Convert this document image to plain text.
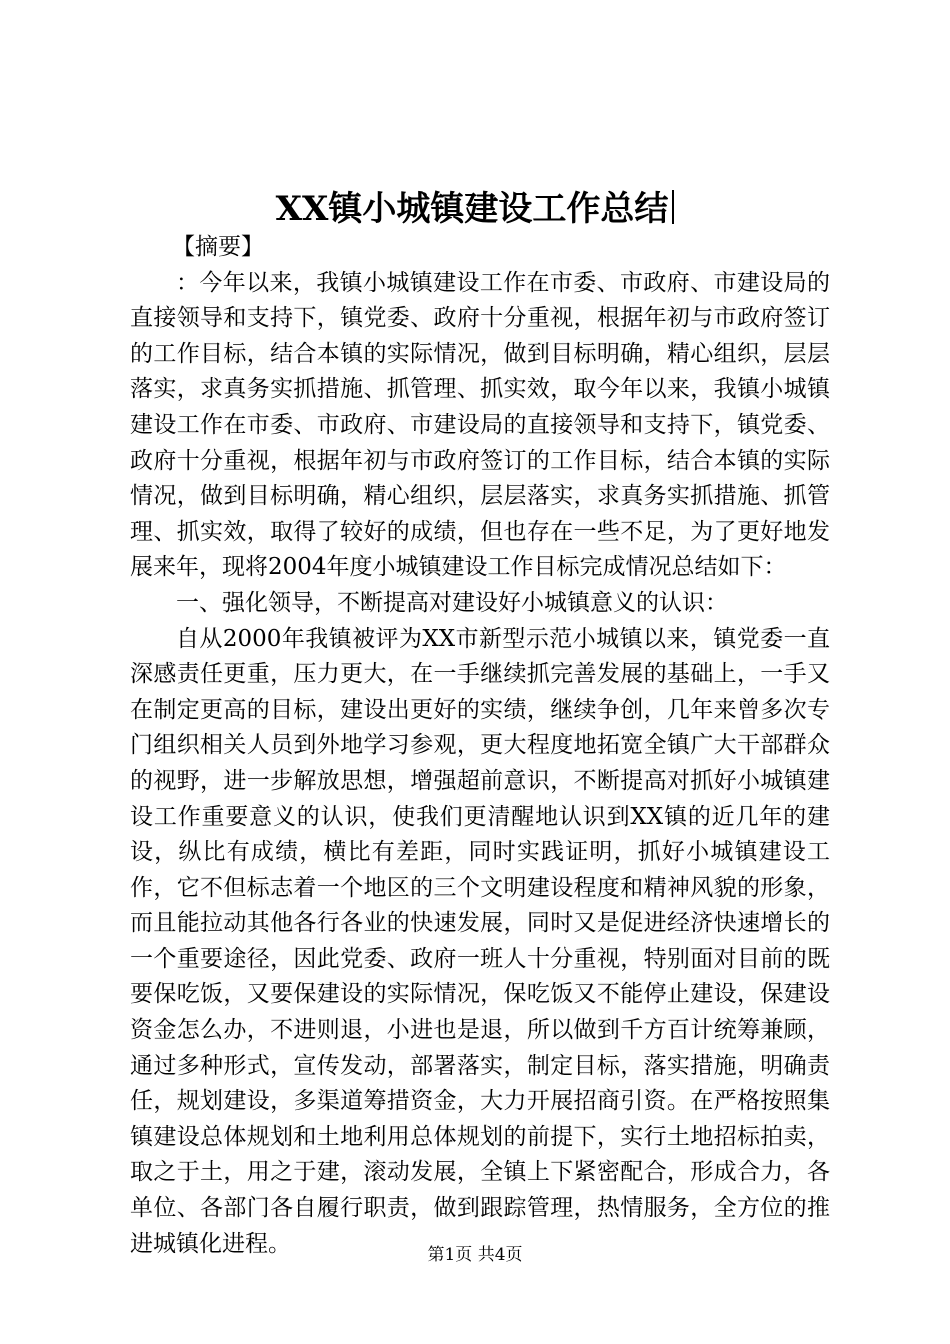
XX镇小城镇建设工作总结

【摘要】

：今年以来，我镇小城镇建设工作在市委、市政府、市建设局的直接领导和支持下，镇党委、政府十分重视，根据年初与市政府签订的工作目标，结合本镇的实际情况，做到目标明确，精心组织，层层落实，求真务实抓措施、抓管理、抓实效，取今年以来，我镇小城镇建设工作在市委、市政府、市建设局的直接领导和支持下，镇党委、政府十分重视，根据年初与市政府签订的工作目标，结合本镇的实际情况，做到目标明确，精心组织，层层落实，求真务实抓措施、抓管理、抓实效，取得了较好的成绩，但也存在一些不足，为了更好地发展来年，现将2004年度小城镇建设工作目标完成情况总结如下：

一、强化领导，不断提高对建设好小城镇意义的认识：

自从2000年我镇被评为XX市新型示范小城镇以来，镇党委一直深感责任更重，压力更大，在一手继续抓完善发展的基础上，一手又在制定更高的目标，建设出更好的实绩，继续争创，几年来曾多次专门组织相关人员到外地学习参观，更大程度地拓宽全镇广大干部群众的视野，进一步解放思想，增强超前意识，不断提高对抓好小城镇建设工作重要意义的认识，使我们更清醒地认识到XX镇的近几年的建设，纵比有成绩，横比有差距，同时实践证明，抓好小城镇建设工作，它不但标志着一个地区的三个文明建设程度和精神风貌的形象，而且能拉动其他各行各业的快速发展，同时又是促进经济快速增长的一个重要途径，因此党委、政府一班人十分重视，特别面对目前的既要保吃饭，又要保建设的实际情况，保吃饭又不能停止建设，保建设资金怎么办，不进则退，小进也是退，所以做到千方百计统筹兼顾，通过多种形式，宣传发动，部署落实，制定目标，落实措施，明确责任，规划建设，多渠道筹措资金，大力开展招商引资。在严格按照集镇建设总体规划和土地利用总体规划的前提下，实行土地招标拍卖，取之于土，用之于建，滚动发展，全镇上下紧密配合，形成合力，各单位、各部门各自履行职责，做到跟踪管理，热情服务，全方位的推进城镇化进程。	第1页 共4页
